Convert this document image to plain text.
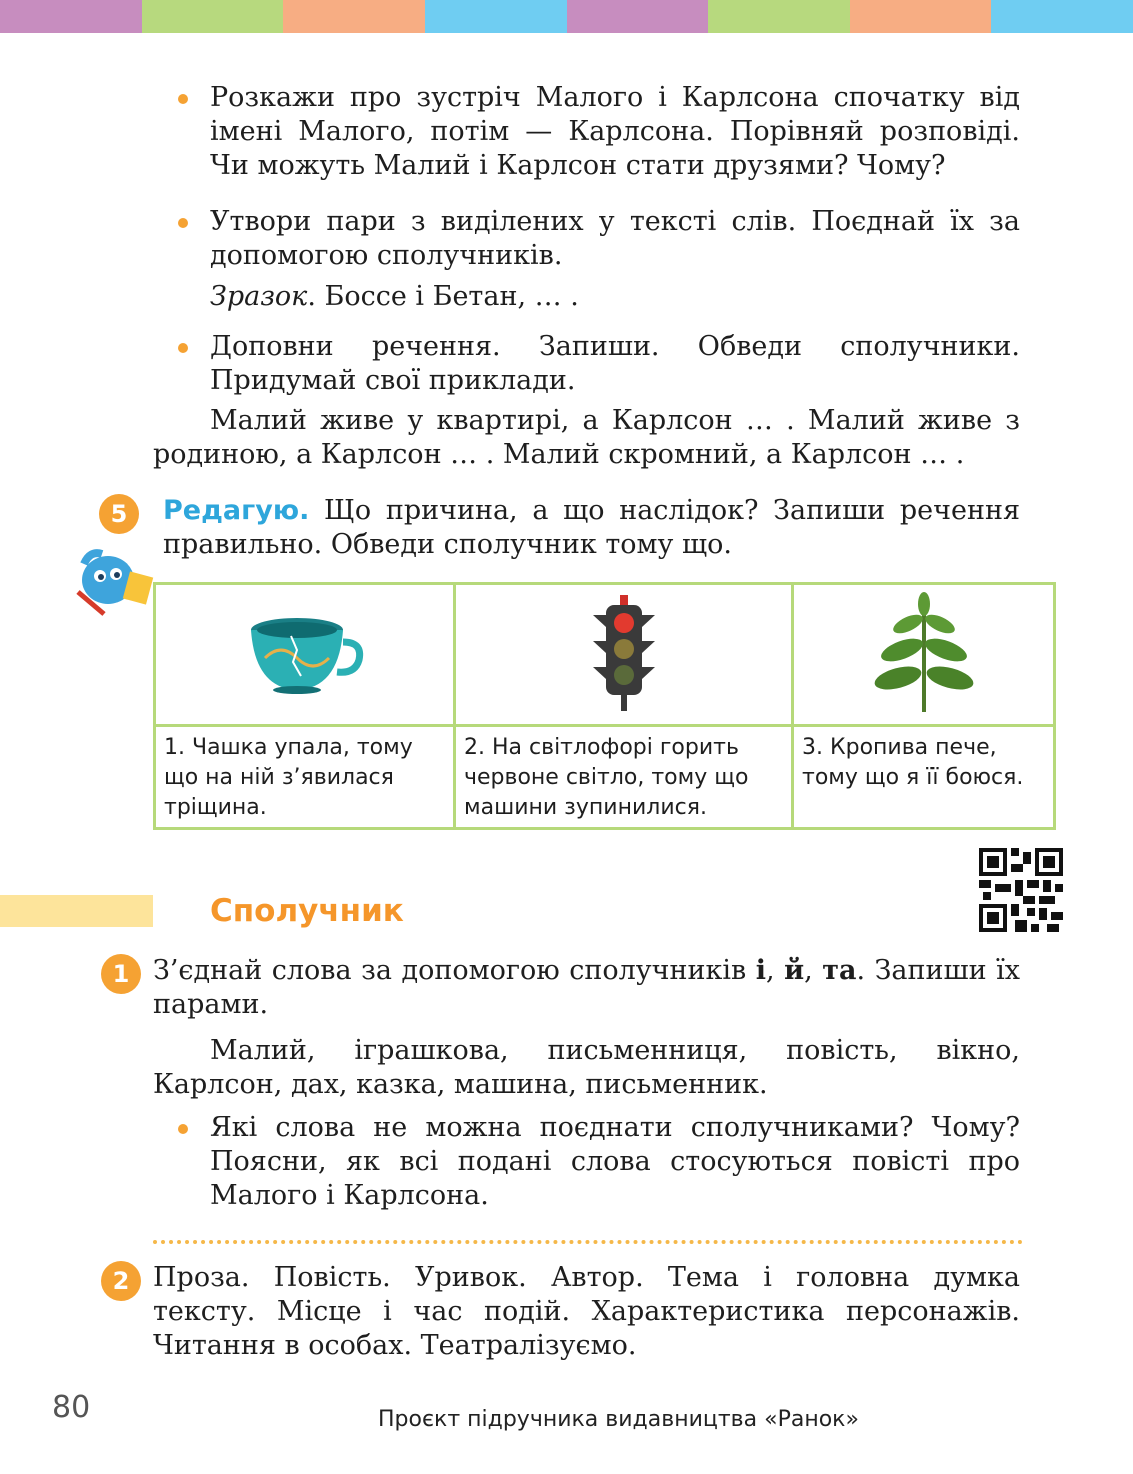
Розкажи про зустріч Малого і Карлсона спочатку від імені Малого, потім — Карлсона. Порівняй розповіді. Чи можуть Малий і Карлсон стати друзями? Чому?
Утвори пари з виділених у тексті слів. Поєднай їх за допомогою сполучників.
Зразок. Боссе і Бетан, … .
Доповни речення. Запиши. Обведи сполучники. Придумай свої приклади.
Малий живе у квартирі, а Карлсон … . Малий живе з родиною, а Карлсон … . Малий скромний, а Карлсон … .
5	Редагую. Що причина, а що наслідок? Запиши речення правильно. Обведи сполучник тому що.

1. Чашка упала, тому що на ній з’явилася тріщина.	2. На світлофорі горить червоне світло, тому що машини зупинилися.	3. Кропива пече, тому що я її боюся.
Сполучник
1 З’єднай слова за допомогою сполучників і, й, та. Запиши їх парами.
Малий, іграшкова, письменниця, повість, вікно, Карлсон, дах, казка, машина, письменник.
Які слова не можна поєднати сполучниками? Чому? Поясни, як всі подані слова стосуються повісті про Малого і Карлсона.
2 Проза. Повість. Уривок. Автор. Тема і головна думка тексту. Місце і час подій. Характеристика персонажів. Читання в особах. Театралізуємо.
80	Проєкт підручника видавництва «Ранок»
